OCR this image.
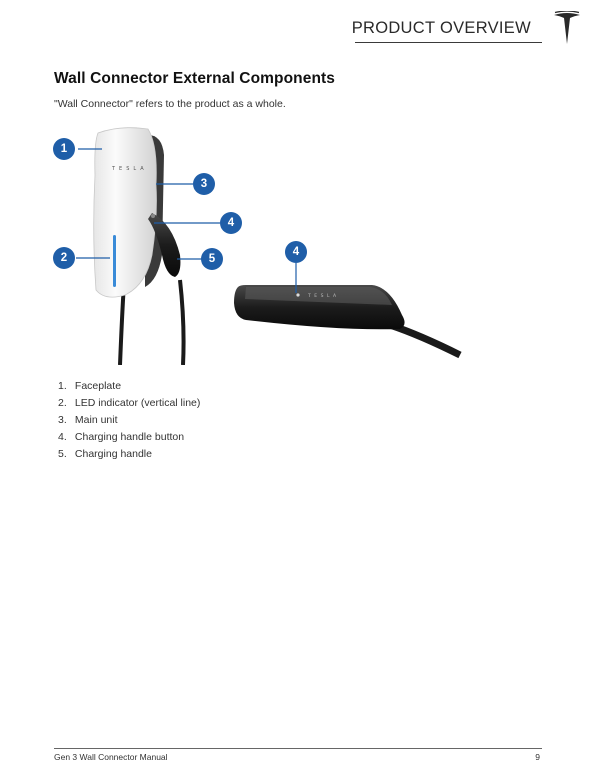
PRODUCT OVERVIEW
Wall Connector External Components
"Wall Connector" refers to the product as a whole.
TESLA
TESLA
1
2
3
4
5
4
1. Faceplate
2. LED indicator (vertical line)
3. Main unit
4. Charging handle button
5. Charging handle
Gen 3 Wall Connector Manual	9
